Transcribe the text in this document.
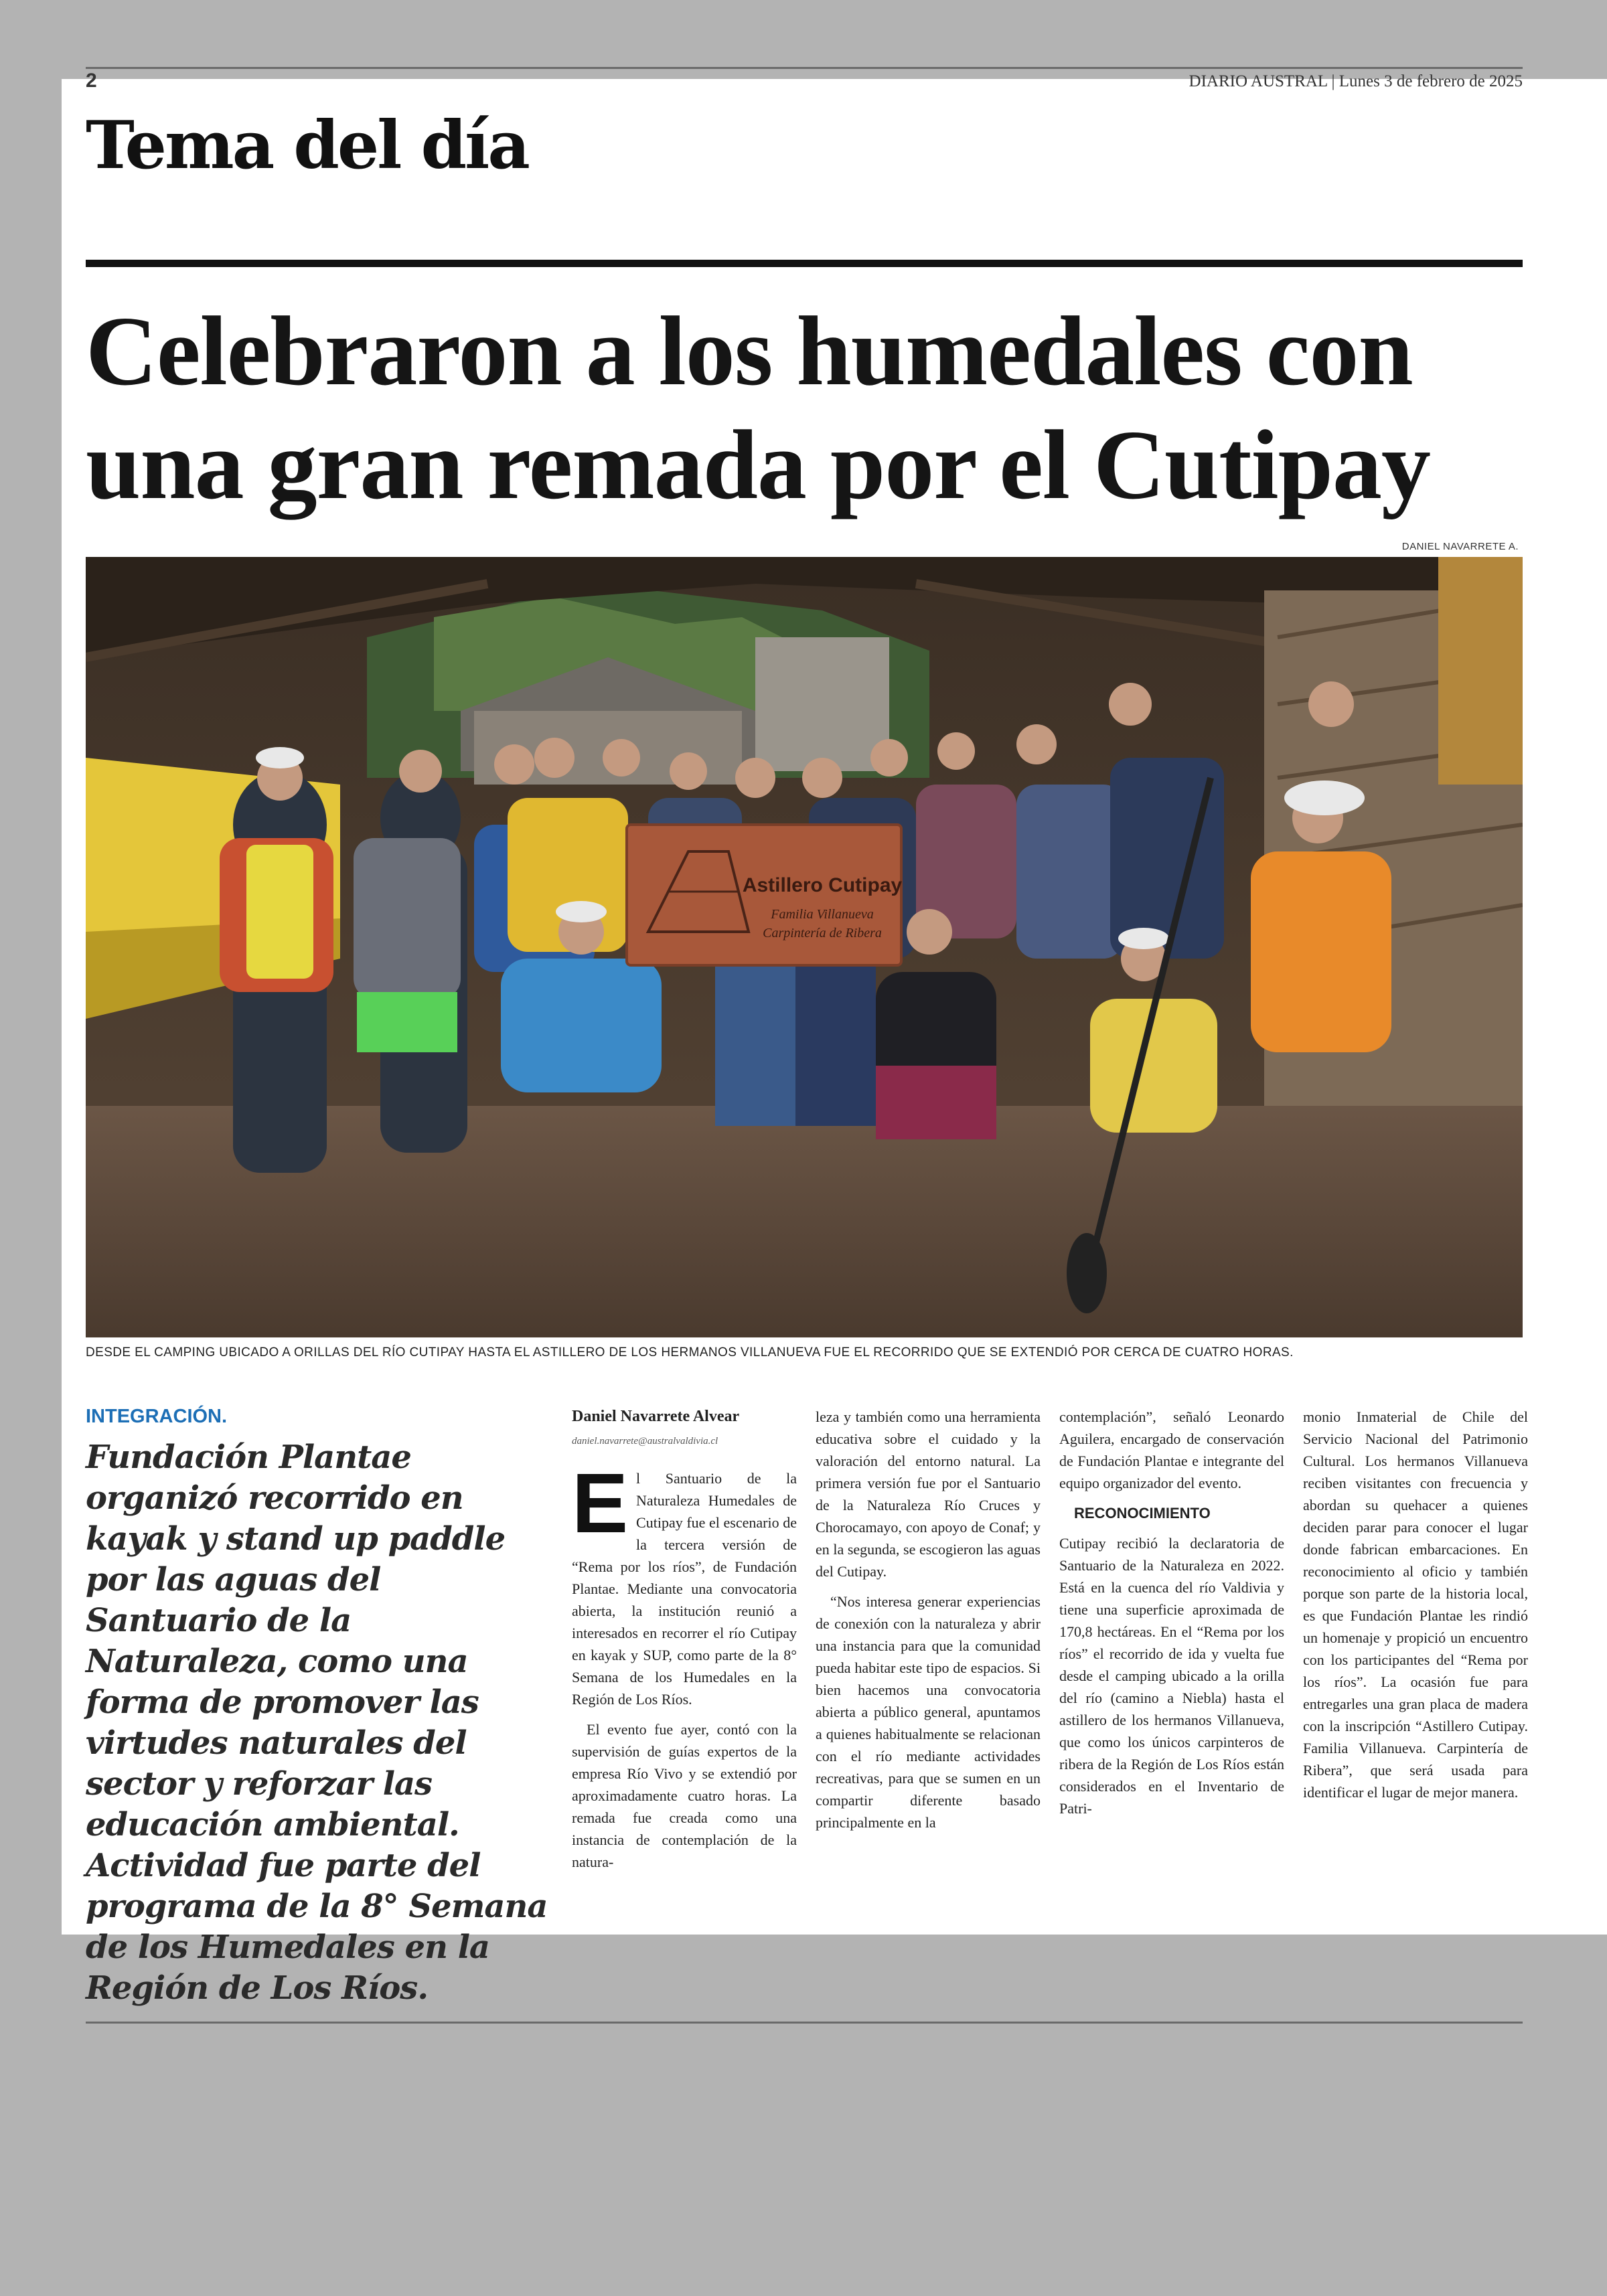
2	DIARIO AUSTRAL | Lunes 3 de febrero de 2025
Tema del día
Celebraron a los humedales con
una gran remada por el Cutipay
DANIEL NAVARRETE A.
Astillero Cutipay
Familia Villanueva
Carpintería de Ribera
DESDE EL CAMPING UBICADO A ORILLAS DEL RÍO CUTIPAY HASTA EL ASTILLERO DE LOS HERMANOS VILLANUEVA FUE EL RECORRIDO QUE SE EXTENDIÓ POR CERCA DE CUATRO HORAS.
INTEGRACIÓN.
Fundación Plantae organizó recorrido en kayak y stand up paddle por las aguas del Santuario de la Naturaleza, como una forma de promover las virtudes naturales del sector y reforzar las educación ambiental. Actividad fue parte del programa de la 8° Semana de los Humedales en la Región de Los Ríos.
Daniel Navarrete Alvear
daniel.navarrete@australvaldivia.cl
E l Santuario de la Naturaleza Humedales de Cutipay fue el escenario de la tercera versión de “Rema por los ríos”, de Fundación Plantae. Mediante una convocatoria abierta, la institución reunió a interesados en recorrer el río Cutipay en kayak y SUP, como parte de la 8° Semana de los Humedales en la Región de Los Ríos.

El evento fue ayer, contó con la supervisión de guías expertos de la empresa Río Vivo y se extendió por aproximadamente cuatro horas. La remada fue creada como una instancia de contemplación de la natura-

leza y también como una herramienta educativa sobre el cuidado y la valoración del entorno natural. La primera versión fue por el Santuario de la Naturaleza Río Cruces y Chorocamayo, con apoyo de Conaf; y en la segunda, se escogieron las aguas del Cutipay.

“Nos interesa generar experiencias de conexión con la naturaleza y abrir una instancia para que la comunidad pueda habitar este tipo de espacios. Si bien hacemos una convocatoria abierta a público general, apuntamos a quienes habitualmente se relacionan con el río mediante actividades recreativas, para que se sumen en un compartir diferente basado principalmente en la

contemplación”, señaló Leonardo Aguilera, encargado de conservación de Fundación Plantae e integrante del equipo organizador del evento.

RECONOCIMIENTO

Cutipay recibió la declaratoria de Santuario de la Naturaleza en 2022. Está en la cuenca del río Valdivia y tiene una superficie aproximada de 170,8 hectáreas. En el “Rema por los ríos” el recorrido de ida y vuelta fue desde el camping ubicado a la orilla del río (camino a Niebla) hasta el astillero de los hermanos Villanueva, que como los únicos carpinteros de ribera de la Región de Los Ríos están considerados en el Inventario de Patri-

monio Inmaterial de Chile del Servicio Nacional del Patrimonio Cultural. Los hermanos Villanueva reciben visitantes con frecuencia y abordan su quehacer a quienes deciden parar para conocer el lugar donde fabrican embarcaciones. En reconocimiento al oficio y también porque son parte de la historia local, es que Fundación Plantae les rindió un homenaje y propició un encuentro con los participantes del “Rema por los ríos”. La ocasión fue para entregarles una gran placa de madera con la inscripción “Astillero Cutipay. Familia Villanueva. Carpintería de Ribera”, que será usada para identificar el lugar de mejor manera.
